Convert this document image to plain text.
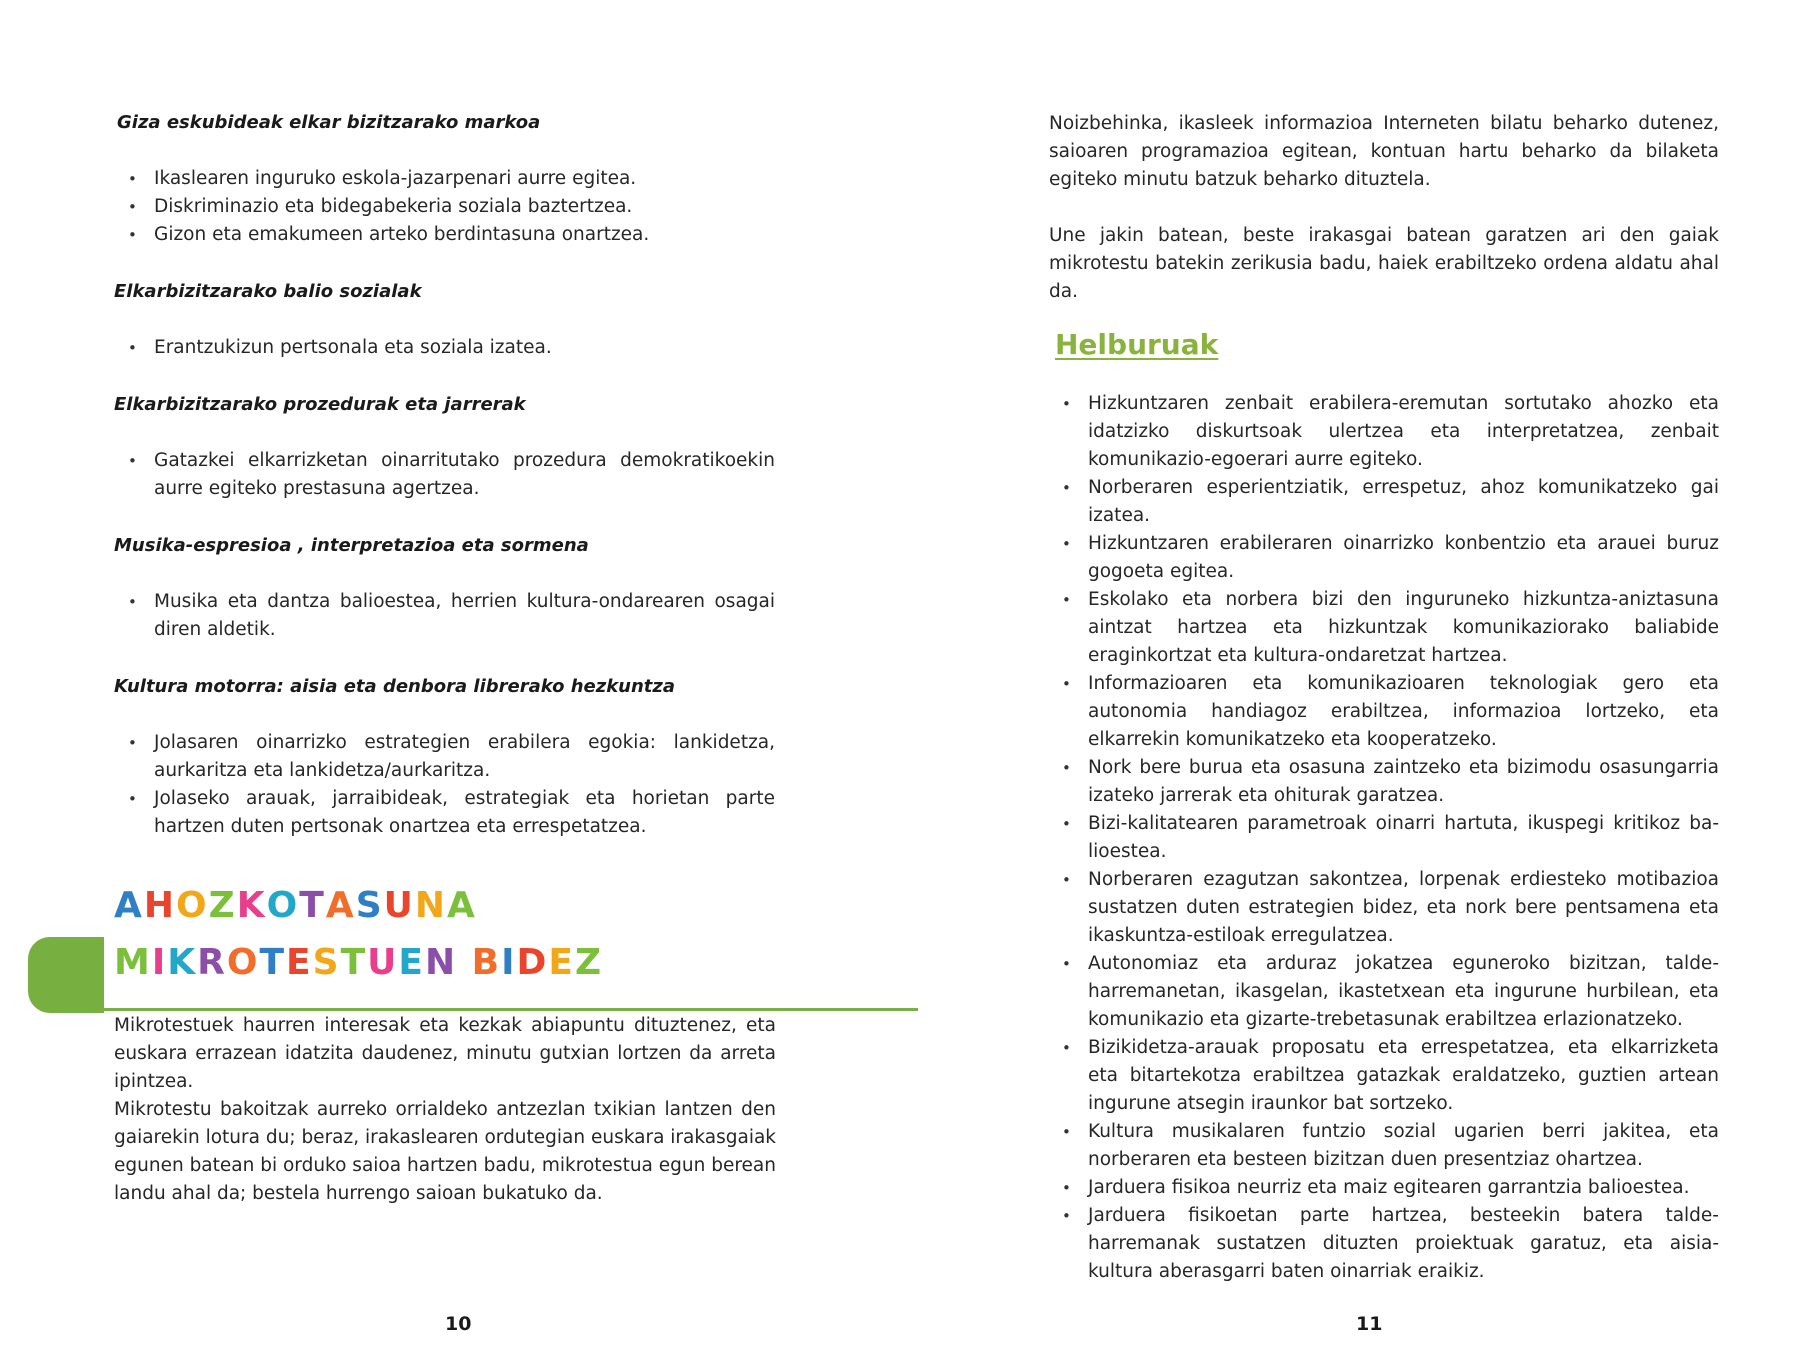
Giza eskubideak elkar bizitzarako markoa
• Ikaslearen inguruko eskola-jazarpenari aurre egitea.
• Diskriminazio eta bidegabekeria soziala baztertzea.
• Gizon eta emakumeen arteko berdintasuna onartzea.
Elkarbizitzarako balio sozialak
• Erantzukizun pertsonala eta soziala izatea.
Elkarbizitzarako prozedurak eta jarrerak
• Gatazkei elkarrizketan oinarritutako prozedura demokratikoekin aurre egiteko prestasuna agertzea.
Musika-espresioa , interpretazioa eta sormena
• Musika eta dantza balioestea, herrien kultura-ondarearen osagai diren aldetik.
Kultura motorra: aisia eta denbora librerako hezkuntza
• Jolasaren oinarrizko estrategien erabilera egokia: lankidetza, aurkaritza eta lankidetza/aurkaritza.
• Jolaseko arauak, jarraibideak, estrategiak eta horietan parte hartzen duten pertsonak onartzea eta errespetatzea.
AHOZKOTASUNA
MIKROTESTUEN BIDEZ
Mikrotestuek haurren interesak eta kezkak abiapuntu dituztenez, eta euskara errazean idatzita daudenez, minutu gutxian lortzen da arreta ipintzea.
Mikrotestu bakoitzak aurreko orrialdeko antzezlan txikian lantzen den gaiarekin lotura du; beraz, irakaslearen ordutegian euskara irakasgaiak egunen batean bi orduko saioa hartzen badu, mikrotestua egun berean landu ahal da; bestela hurrengo saioan bukatuko da.
10
Noizbehinka, ikasleek informazioa Interneten bilatu beharko dutenez, saioaren programazioa egitean, kontuan hartu beharko da bilaketa egiteko minutu batzuk beharko dituztela.
Une jakin batean, beste irakasgai batean garatzen ari den gaiak mikrotestu batekin zerikusia badu, haiek erabiltzeko ordena aldatu ahal da.
Helburuak
• Hizkuntzaren zenbait erabilera-eremutan sortutako ahozko eta idatzizko diskurtsoak ulertzea eta interpretatzea, zenbait komunikazio-egoerari aurre egiteko.
• Norberaren esperientziatik, errespetuz, ahoz komunikatzeko gai izatea.
• Hizkuntzaren erabileraren oinarrizko konbentzio eta arauei buruz gogoeta egitea.
• Eskolako eta norbera bizi den inguruneko hizkuntza-aniztasuna aintzat hartzea eta hizkuntzak komunikaziorako baliabide eraginkortzat eta kultura-ondaretzat hartzea.
• Informazioaren eta komunikazioaren teknologiak gero eta autonomia handiagoz erabiltzea, informazioa lortzeko, eta elkarrekin komunikatzeko eta kooperatzeko.
• Nork bere burua eta osasuna zaintzeko eta bizimodu osasungarria izateko jarrerak eta ohiturak garatzea.
• Bizi-kalitatearen parametroak oinarri hartuta, ikuspegi kritikoz balioestea.
• Norberaren ezagutzan sakontzea, lorpenak erdiesteko motibazioa sustatzen duten estrategien bidez, eta nork bere pentsamena eta ikaskuntza-estiloak erregulatzea.
• Autonomiaz eta arduraz jokatzea eguneroko bizitzan, talde-harremanetan, ikasgelan, ikastetxean eta ingurune hurbilean, eta komunikazio eta gizarte-trebetasunak erabiltzea erlazionatzeko.
• Bizikidetza-arauak proposatu eta errespetatzea, eta elkarrizketa eta bitartekotza erabiltzea gatazkak eraldatzeko, guztien artean ingurune atsegin iraunkor bat sortzeko.
• Kultura musikalaren funtzio sozial ugarien berri jakitea, eta norberaren eta besteen bizitzan duen presentziaz ohartzea.
• Jarduera fisikoa neurriz eta maiz egitearen garrantzia balioestea.
• Jarduera fisikoetan parte hartzea, besteekin batera talde-harremanak sustatzen dituzten proiektuak garatuz, eta aisia-kultura aberasgarri baten oinarriak eraikiz.
11
